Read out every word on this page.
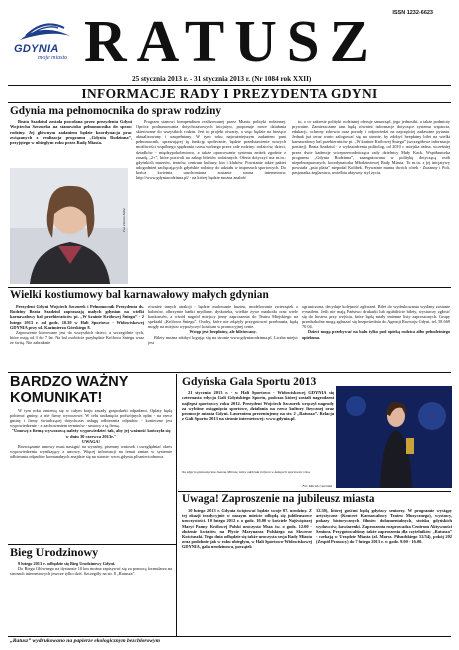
ISSN 1232-6623
GDYNIA
moje miasto RATUSZ
25 stycznia 2013 r. - 31 stycznia 2013 r. (Nr 1084 rok XXII)
INFORMACJE RADY I PREZYDENTA GDYNI
Gdynia ma pełnomocnika do spraw rodziny

Beata Szadziul została powołana przez prezydenta Gdyni Wojciecha Szczurka na stanowisko pełnomocnika do spraw rodziny. Jej głównym zadaniem będzie koordynacja prac związanych z realizacja programu „Gdynia Rodzinna”, przyjętego w ubiegłym roku przez Radę Miasta.

Fot. Dorota Nelke

Program stanowi kompendium realizowanej przez Miasto polityki rodzinnej. Oprócz podsumowania dotychczasowych inicjatyw, proponuje nowe działania skierowane do wszystkich rodzin. Jest to projekt otwarty, a więc będzie na bieżąco aktualizowany i uzupełniany. W tym roku najważniejszym zadaniem pani pełnomocnik, sprawującej tę funkcję społecznie, będzie przedstawienie nowych możliwości wspólnego spędzania czasu wolnego przez całe rodziny: rodziców, dzieci, dziadków - międzypokoleniowo, a także opracowanie systemu zniżek zgodnie z zasadą „2+”, które pozwoli na zakup biletów rodzinnych. Oferta dotyczyć ma m.in.: gdyńskich muzeów, teatrów, centrum kultury, kin i klubów. Powstanie także pakiet udogodnień zachęcających gdyńskie rodziny do udziału w imprezach sportowych. Do końca kwietnia uruchomiona zostanie strona internetowa: http://www.gdyniarodzinna.pl/ - na której będzie można znaleźć

to, o co zakresie polityki rodzinnej oferuje samorząd, jego jednostki, a także podmioty prywatne. Zamieszczane tam będą również informacje dotyczące systemu wsparcia, edukacji, ochrony zdrowia oraz porady i odpowiedzi na najczęściej zadawane pytania. Jednak już teraz warto zalogować się na stronie, by zdobyć bezpłatny bilet na wielki karnawałowy bal przebierańców pt. „W krainie Królowej Śniegu” (szczegółowe informacje poniżej). Beata Szadziul - z wykształcenia politolog, od 2010 r. miejska radna, wcześniej przez dwie kadencje wiceprzewodnicząca rady dzielnicy Mały Kack. Współautorka programu „Gdynia Rodzinna”, zaangażowana w politykę dotyczącą osób niepełnosprawnych, koordynatorka Młodzieżowej Rady Miasta. To m.in. z jej inicjatywy powstała „psia plaża” niepodal Kolibek. Prywatnie mama dwóch córek - Zuzanny i Poli, pasjonatka żeglarstwa, uwielbia aktywny styl życia.

Wielki kostiumowy bal karnawałowy małych gdynian

Prezydent Gdyni Wojciech Szczurek i Pełnomocnik Prezydenta ds. Rodziny Beata Szadziul zapraszają małych gdynian na wielki karnawałowy bal przebierańców pt. „W krainie Królowej Śniegu” - 2 lutego 2013 r. od godz. 10.30 w Hali Sportowo - Widowiskowej GDYNIA przy ul. Kazimierza Górskiego 8.

Zaproszenie kierowane jest do wszystkich dzieci, a szczególnie tych, które mają od 3 do 7 lat. Na bal osobiście przybędzie Królowa Śniegu wraz ze świtą. Nie zabraknie

również innych atrakcji - będzie malowanie buzieк, modelowanie zwierzątek z balonów, olbrzymie bańki mydlane, dyskoteka, wielkie żywe maskotki oraz wiele konkursów, a wśród nagród miejscy jinny zaproszenia do Teatru Miejskiego na spektakl „Królowa Śniegu”. Osoby, które nie zdążyły przygotować przebrania, będą mogły na miejscu wypożyczyć kostium w promocyjnej cenie.

Wstęp jest bezpłatny, ale biletowany.

Bilety można zdobyć logując się na stronie www.gdyniarodzinna.pl. Liczba miejsc jest

ograniczona, decyduje kolejność zgłoszeń. Bilet do wydrukowania wysłany zostanie e-mailem. Jeśli nie mają Państwo drukarki lub zgubiliście bilety, wystarczy zgłosić się do hostess przy wejściu, które będą miały imienne listy zaproszonych. Grupy przedszkolne mogą zgłaszać się bezpośrednio do Agencji Rozwoju Gdyni, tel. 58 669 70 04.

Dzieci mogą przebywać na balu tylko pod opieką rodzica albo pełnoletniego opiekuna.

BARDZO WAŻNY
KOMUNIKAT!

W tym roku zmienią się w całym kraju zasady gospodarki odpadami. Opłaty będą pobierać gminy, a nie firmy wywozowe. W celu uniknięcia podwójnych opłat - na rzecz gminy i firmy świadczącej dotychczas usługę odbierania odpadów - konieczne jest wypowiedzenie - z zachowaniem terminów - umowy z tą firmą.

"Umowę z firmą wywozową należy wypowiedzieć tak, aby jej ważność kończyła się w dniu 30 czerwca 2013r."

UWAGA!

Rozwiązanie umowy musi nastąpić na wyraźny, pisemny wniosek i uwzględniać okres wypowiedzenia wynikający z umowy. Więcej informacji na temat zmian w systemie odbierania odpadów komunalnych znajdzie się na stronie: www.gdynia.pl/smieciodnowa.

Bieg Urodzinowy

9 lutego 2013 r. odbędzie się Bieg Urodzinowy Gdyni.

Do Biegu Głównego na dystansie 10 km można zapisywać się za pomocą formularza na stronach internetowych jeszcze tylko dziś. Szczegóły na str. 8 „Ratusza”.

Gdyńska Gala Sportu 2013

21 stycznia 2013 r. - w Hali Sportowo - Widowiskowej GDYNIA się czternasta edycja Gali Gdyńskiego Sportu, podczas której zostali nagrodzeni najlepsi sportowcy roku 2012. Prezydent Wojciech Szczurek wręczył nagrody za wybitne osiągnięcia sportowe, działania na rzecz kultury fizycznej oraz promocje miasta Gdyni. Laureatem prezentujemy na str. 2 „Ratusza”. Relacja z Gali Sportu 2013 na stronie internetowej: www.gdynia.pl.

Na zdjęciu gimnastyczka Joanna Mitrosz, która odebrała trofeum w kategorii sportowiec roku.
Fot. Maciek Czarniak
Uwaga! Zaproszenie na jubileusz miasta

10 lutego 2013 r. Gdynia świętować będzie swoje 87. urodziny. Z tej okazji tradycyjnie w naszym mieście odbędą się jubileuszowe uroczystości. 10 lutego 2012 r. o godz. 10.00 w kościele Najświętszej Maryi Panny Królowej Polski uroczysta Msza św. o godz. 12.00 - złożenie kwiatów na Płycie Marynarza Polskiego na Skwerze Kościuszki. Tego dnia odbędzie się także uroczysta sesja Rady Miasta oraz podobnie jak w roku ubiegłym, w Hali Sportowo-Widowiskowej GDYNIA, gala urodzinowa, początek

12.30), której gośćmi będą gdyńscy seniorzy. W programie wystąpy artystyczne (Koncert Karnawałowy Teatru Muzycznego), wystawy, pokazy historycznych filmów dokumentalnych, stoiska gdyńskich wydawców, kawiarenki. Zaproszenia rozprowadza Centrum Aktywności Seniora. Przygotowaliśmy także zaproszenia dla czytelników „Ratusza” - czekają w Urzędzie Miasta (al. Marsz. Piłsudskiego 52/54), pokój 202 (Zespół Prasowy) do 7 lutego 2013 r. w godz. 9.00 - 16.00.

„Ratusz” wydrukowano na papierze ekologicznym bezchlorowym
